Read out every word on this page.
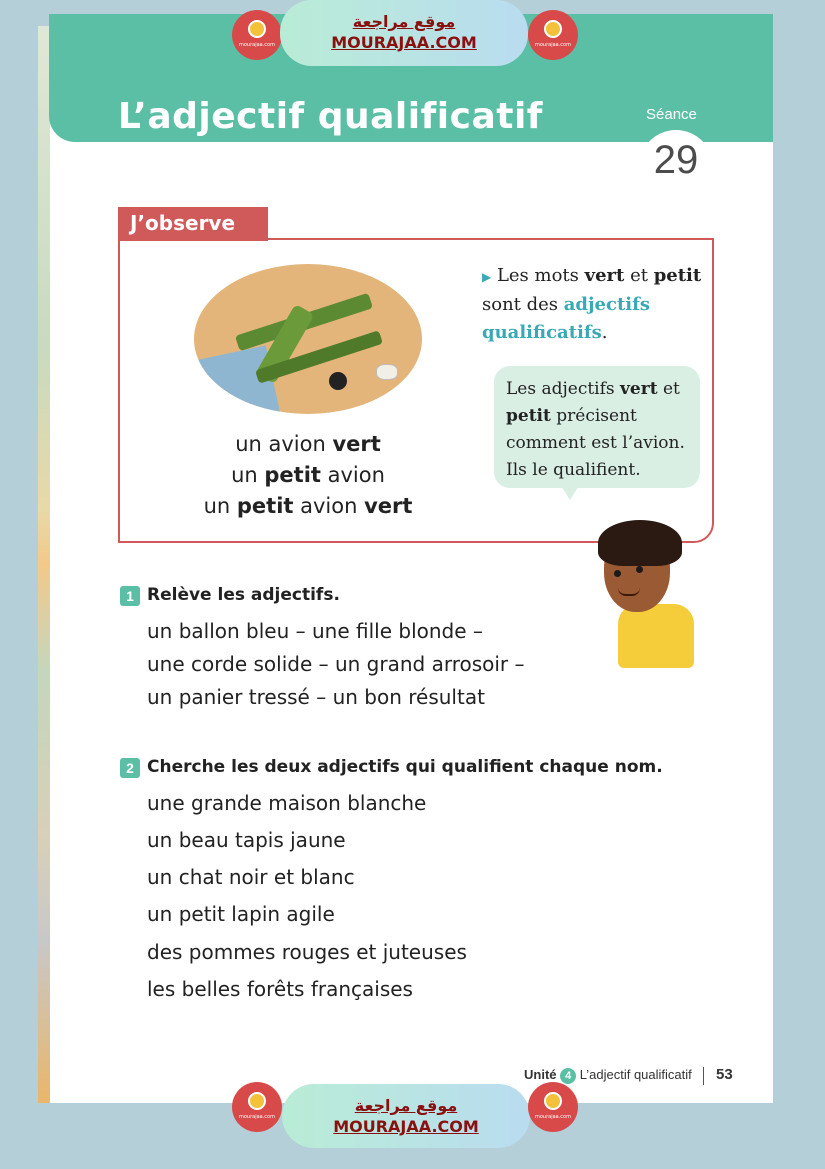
L’adjectif qualificatif	Séance
29
mourajaa.com
موقع مراجعة
MOURAJAA.COM	mourajaa.com
J’observe
un avion vert
un petit avion
un petit avion vert
▶ Les mots vert et petit sont des adjectifs qualificatifs.
Les adjectifs vert et petit précisent comment est l’avion. Ils le qualifient.
1 Relève les adjectifs.
un ballon bleu – une fille blonde –
une corde solide – un grand arrosoir –
un panier tressé – un bon résultat
2 Cherche les deux adjectifs qui qualifient chaque nom.
une grande maison blanche
un beau tapis jaune
un chat noir et blanc
un petit lapin agile
des pommes rouges et juteuses
les belles forêts françaises
Unité 4 L’adjectif qualificatif 53
mourajaa.com
موقع مراجعة
MOURAJAA.COM	mourajaa.com
